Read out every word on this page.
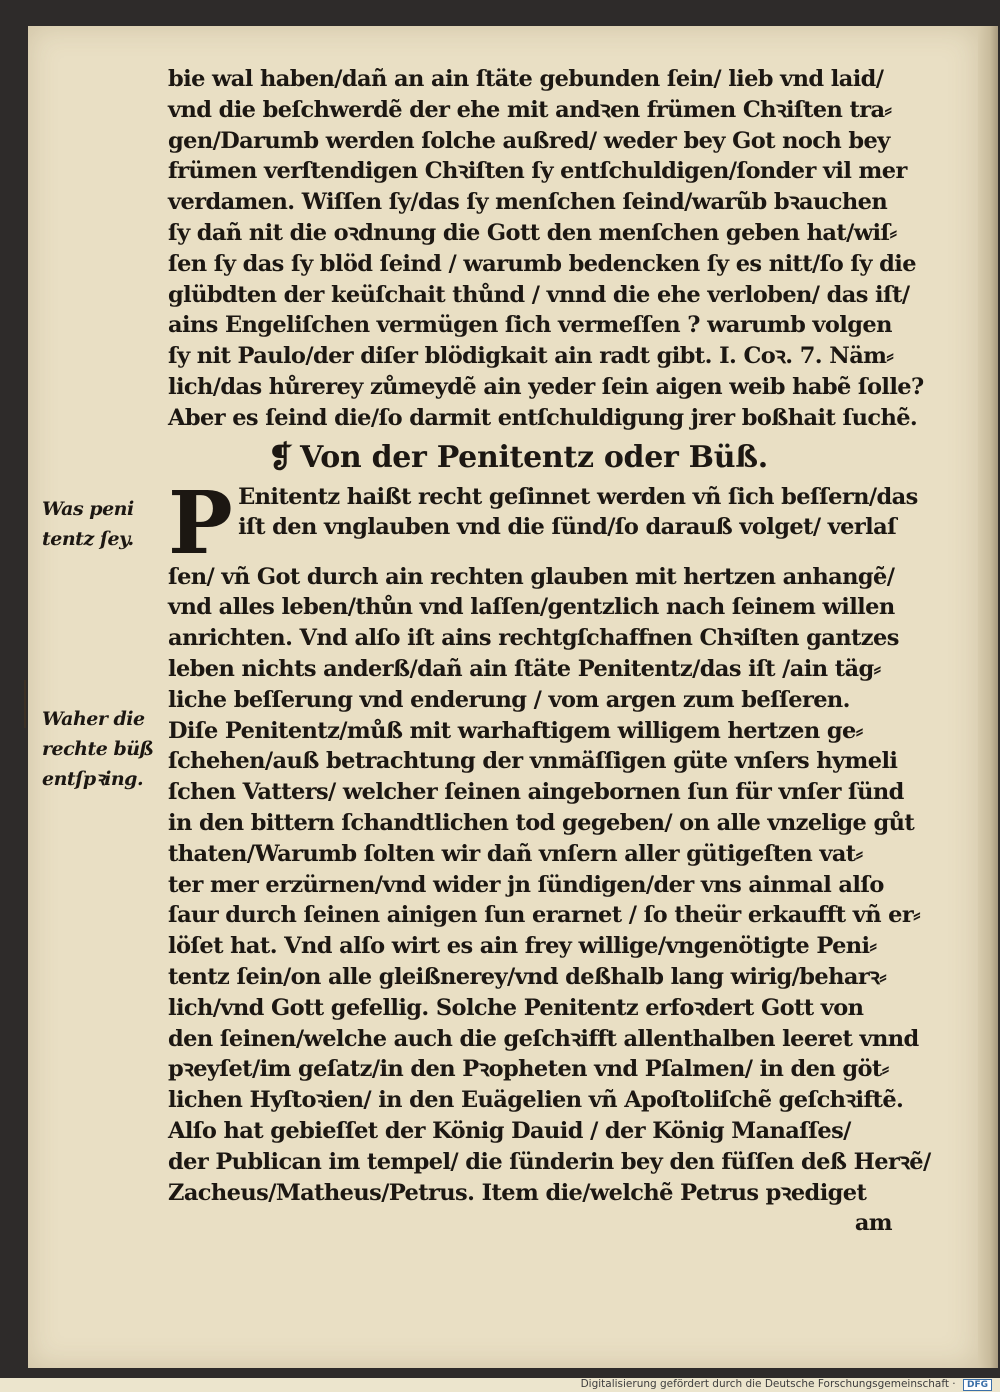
bie wal haben/dañ an ain ſtäte gebunden ſein/ lieb vnd laid/
vnd die beſchwerdẽ der ehe mit andꝛen frümen Chꝛiſten tra⸗
gen/Darumb werden ſolche außred/ weder bey Got noch bey
frümen verſtendigen Chꝛiſten ſy entſchuldigen/ſonder vil mer
verdamen. Wiſſen ſy/das ſy menſchen ſeind/warũb bꝛauchen
ſy dañ nit die oꝛdnung die Gott den menſchen geben hat/wiſ⸗
ſen ſy das ſy blöd ſeind / warumb bedencken ſy es nitt/ſo ſy die
glübdten der keüſchait thůnd / vnnd die ehe verloben/ das iſt/
ains Engeliſchen vermügen ſich vermeſſen ? warumb volgen
ſy nit Paulo/der diſer blödigkait ain radt gibt. I. Coꝛ. 7. Näm⸗
lich/das hůrerey zůmeydẽ ain yeder ſein aigen weib habẽ ſolle?
Aber es ſeind die/ſo darmit entſchuldigung jrer boßhait ſuchẽ.
❡ Von der Penitentz oder Büß.
P Enitentz haißt recht geſinnet werden vñ ſich beſſern/das
iſt den vnglauben vnd die ſünd/ſo darauß volget/ verlaſ
ſen/ vñ Got durch ain rechten glauben mit hertzen anhangẽ/
vnd alles leben/thůn vnd laſſen/gentzlich nach ſeinem willen
anrichten. Vnd alſo iſt ains rechtgſchaffnen Chꝛiſten gantzes
leben nichts anderß/dañ ain ſtäte Penitentz/das iſt /ain täg⸗
liche beſſerung vnd enderung / vom argen zum beſſeren.
Diſe Penitentz/můß mit warhaftigem willigem hertzen ge⸗
ſchehen/auß betrachtung der vnmäſſigen güte vnſers hymeli
ſchen Vatters/ welcher ſeinen aingebornen ſun für vnſer ſünd
in den bittern ſchandtlichen tod gegeben/ on alle vnzelige gůt
thaten/Warumb ſolten wir dañ vnſern aller gütigeſten vat⸗
ter mer erzürnen/vnd wider jn ſündigen/der vns ainmal alſo
ſaur durch ſeinen ainigen ſun erarnet / ſo theür erkaufft vñ er⸗
löſet hat. Vnd alſo wirt es ain frey willige/vngenötigte Peni⸗
tentz ſein/on alle gleißnerey/vnd deßhalb lang wirig/beharꝛ⸗
lich/vnd Gott gefellig. Solche Penitentz erfoꝛdert Gott von
den ſeinen/welche auch die geſchꝛifft allenthalben leeret vnnd
pꝛeyſet/im geſatz/in den Pꝛopheten vnd Pſalmen/ in den göt⸗
lichen Hyſtoꝛien/ in den Euägelien vñ Apoſtoliſchẽ geſchꝛiftẽ.
Alſo hat gebieſſet der König Dauid / der König Manaſſes/
der Publican im tempel/ die ſünderin bey den füſſen deß Herꝛẽ/
Zacheus/Matheus/Petrus. Item die/welchẽ Petrus pꝛediget
am
Was peni
tentz ſey.
Waher die
rechte büß
entſpꝛing.
Digitalisierung gefördert durch die Deutsche Forschungsgemeinschaft · DFG
